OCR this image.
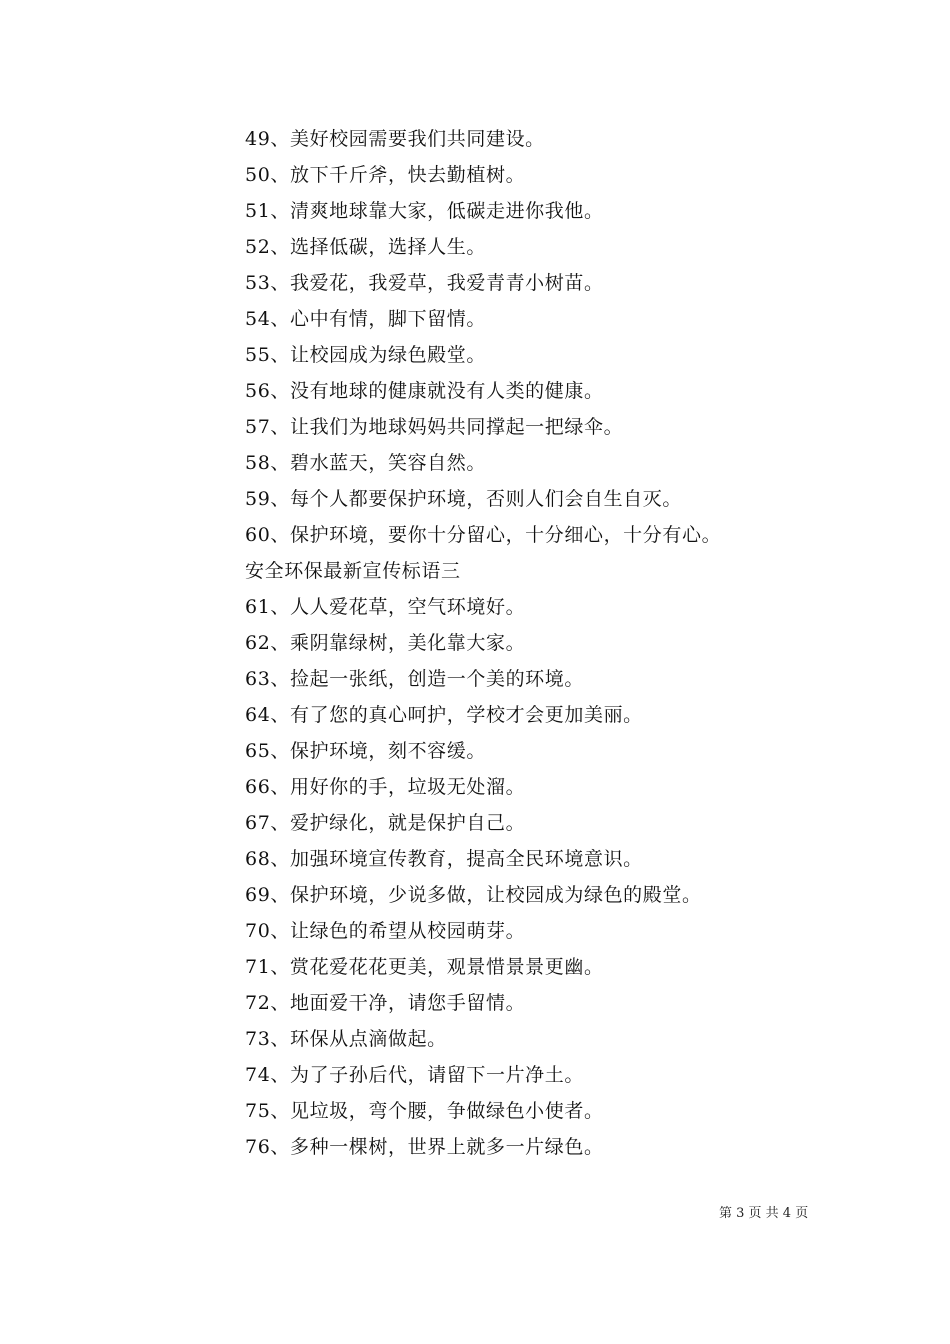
49、美好校园需要我们共同建设。
50、放下千斤斧，快去勤植树。
51、清爽地球靠大家，低碳走进你我他。
52、选择低碳，选择人生。
53、我爱花，我爱草，我爱青青小树苗。
54、心中有情，脚下留情。
55、让校园成为绿色殿堂。
56、没有地球的健康就没有人类的健康。
57、让我们为地球妈妈共同撑起一把绿伞。
58、碧水蓝天，笑容自然。
59、每个人都要保护环境，否则人们会自生自灭。
60、保护环境，要你十分留心，十分细心，十分有心。
安全环保最新宣传标语三
61、人人爱花草，空气环境好。
62、乘阴靠绿树，美化靠大家。
63、捡起一张纸，创造一个美的环境。
64、有了您的真心呵护，学校才会更加美丽。
65、保护环境，刻不容缓。
66、用好你的手，垃圾无处溜。
67、爱护绿化，就是保护自己。
68、加强环境宣传教育，提高全民环境意识。
69、保护环境，少说多做，让校园成为绿色的殿堂。
70、让绿色的希望从校园萌芽。
71、赏花爱花花更美，观景惜景景更幽。
72、地面爱干净，请您手留情。
73、环保从点滴做起。
74、为了子孙后代，请留下一片净土。
75、见垃圾，弯个腰，争做绿色小使者。
76、多种一棵树，世界上就多一片绿色。
第 3 页 共 4 页
